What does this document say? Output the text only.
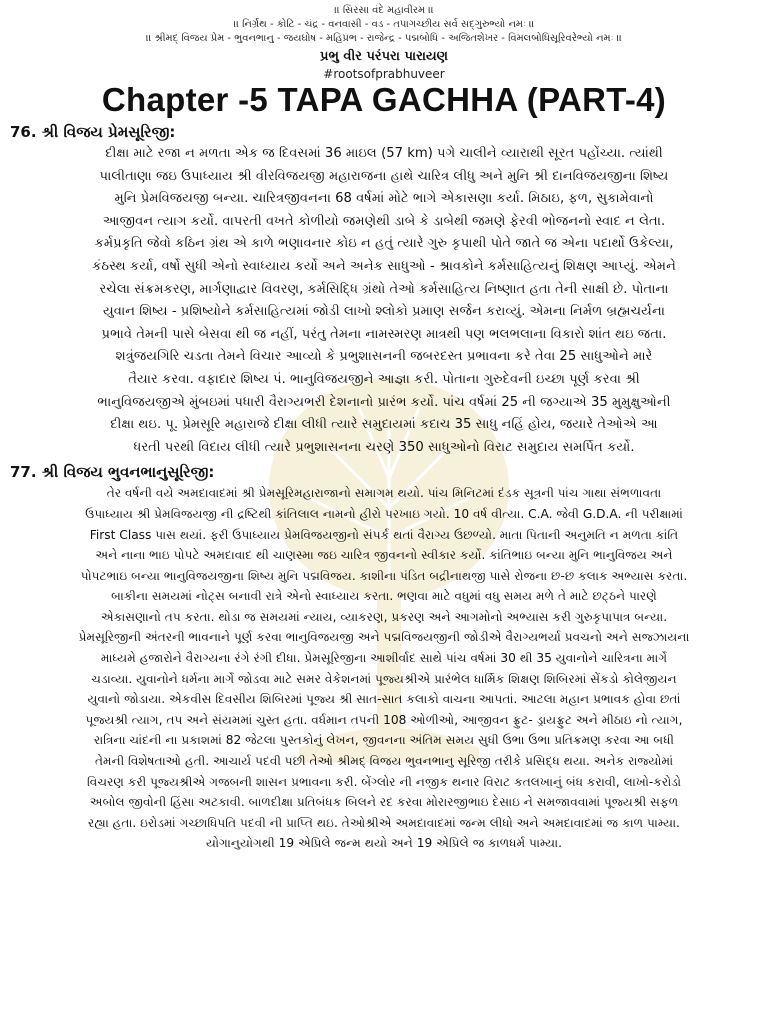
।। સિરસા વંદે મહાવીરમ ।।
।। નિર્ગ્રથ - કોટિ - ચંદ્ર - વનવાસી - વડ - તપાગચ્છીય સર્વ સદ્ગુરુભ્યો નમઃ ।।
।। શ્રીમદ્ વિજય પ્રેમ - ભુવનભાનુ - જયઘોષ - મહિપ્રભ - રાજેન્દ્ર - પદ્મબોધિ - અજિતશેખર - વિમલબોધિસૂરિવરેભ્યો નમઃ ।।
પ્રભુ વીર પરંપરા પારાયણ
#rootsofprabhuveer
Chapter -5 TAPA GACHHA (PART-4)
76. શ્રી વિજય પ્રેમસૂરિજી:

દીક્ષા માટે રજા ન મળતા એક જ દિવસમાં 36 માઇલ (57 km) પગે ચાલીને વ્યારાથી સૂરત પહોંચ્યા. ત્યાંથી
પાલીતાણા જઇ ઉપાધ્યાય શ્રી વીરવિજયજી મહારાજના હાથે ચારિત્ર લીધુ અને મુનિ શ્રી દાનવિજયજીના શિષ્ય
મુનિ પ્રેમવિજયજી બન્યા. ચારિત્રજીવનના 68 વર્ષમાં મોટે ભાગે એકાસણા કર્યા. મિઠાઇ, ફળ, સુકામેવાનો
આજીવન ત્યાગ કર્યો. વાપરતી વખતે કોળીયો જમણેથી ડાબે કે ડાબેથી જમણે ફેરવી ભોજનનો સ્વાદ ન લેતા.
કર્મપ્રકૃતિ જેવો કઠિન ગ્રંથ એ કાળે ભણાવનાર કોઇ ન હતું ત્યારે ગુરુ કૃપાથી પોતે જાતે જ એના પદાર્થો ઉકેલ્યા,
કંઠસ્થ કર્યા, વર્ષો સુધી એનો સ્વાધ્યાય કર્યો અને અનેક સાધુઓ - શ્રાવકોને કર્મસાહિત્યનું શિક્ષણ આપ્યું. એમને
રચેલા સંક્રમકરણ, માર્ગણાદ્વાર વિવરણ, કર્મસિદ્ધિ ગ્રંથો તેઓ કર્મસાહિત્ય નિષ્ણાત હતા તેની સાક્ષી છે. પોતાના
યુવાન શિષ્ય - પ્રશિષ્યોને કર્મસાહિત્યમાં જોડી લાખો શ્લોકો પ્રમાણ સર્જન કરાવ્યું. એમના નિર્મળ બ્રહ્મચર્યના
પ્રભાવે તેમની પાસે બેસવા થી જ નહીં, પરંતુ તેમના નામસ્મરણ માત્રથી પણ ભલભલાના વિકારો શાંત થઇ જતા.
શત્રુંજયગિરિ ચડતા તેમને વિચાર આવ્યો કે પ્રભુશાસનની જબરદસ્ત પ્રભાવના કરે તેવા 25 સાધુઓને મારે
તૈયાર કરવા. વફાદાર શિષ્ય પં. ભાનુવિજયજીને આજ્ઞા કરી. પોતાના ગુરુદેવની ઇચ્છા પૂર્ણ કરવા શ્રી
ભાનુવિજયજીએ મુંબઇમાં પધારી વૈરાગ્યભરી દેશનાનો પ્રારંભ કર્યો. પાંચ વર્ષમાં 25 ની જગ્યાએ 35 મુમુક્ષુઓની
દીક્ષા થઇ. પૂ. પ્રેમસૂરિ મહારાજે દીક્ષા લીધી ત્યારે સમુદાયમાં કદાચ 35 સાધુ નહિં હોય, જયારે તેઓએ આ
ધરતી પરથી વિદાય લીધી ત્યારે પ્રભુશાસનના ચરણે 350 સાધુઓનો વિરાટ સમુદાય સમર્પિત કર્યો.

77. શ્રી વિજય ભુવનભાનુસૂરિજી:

તેર વર્ષની વયે અમદાવાદમાં શ્રી પ્રેમસૂરિમહારાજાનો સમાગમ થયો. પાંચ મિનિટમાં દંડક સૂત્રની પાંચ ગાથા સંભળાવતા
ઉપાધ્યાય શ્રી પ્રેમવિજયજી ની દ્રષ્ટિથી કાંતિલાલ નામનો હીરો પરખાઇ ગયો. 10 વર્ષ વીત્યા. C.A. જેવી G.D.A. ની પરીક્ષામાં
First Class પાસ થયાં. ફરી ઉપાધ્યાય પ્રેમવિજયજીનો સંપર્ક થતાં વૈરાગ્ય ઉછળ્યો. માતા પિતાની અનુમતિ ન મળતા કાંતિ
અને નાના ભાઇ પોપટે અમદાવાદ થી ચાણસ્મા જઇ ચારિત્ર જીવનનો સ્વીકાર કર્યો. કાંતિભાઇ બન્યા મુનિ ભાનુવિજય અને
પોપટભાઇ બન્યા ભાનુવિજયજીના શિષ્ય મુનિ પદ્મવિજય. કાશીના પંડિત બદ્રીનાથજી પાસે રોજના છ-છ કલાક અભ્યાસ કરતા.
બાકીના સમયમાં નોટ્સ બનાવી રાત્રે એનો સ્વાધ્યાય કરતા. ભણવા માટે વધુમાં વધુ સમય મળે તે માટે છટ્ઠને પારણે
એકાસણાનો તપ કરતા. થોડા જ સમયમાં ન્યાય, વ્યાકરણ, પ્રકરણ અને આગમોનો અભ્યાસ કરી ગુરુકૃપાપાત્ર બન્યા.
પ્રેમસૂરિજીની અંતરની ભાવનાને પૂર્ણ કરવા ભાનુવિજયજી અને પદ્મવિજયજીની જોડીએ વૈરાગ્યભર્યા પ્રવચનો અને સજ્ઝાયના
માધ્યમે હજારોને વૈરાગ્યના રંગે રંગી દીધા. પ્રેમસૂરિજીના આશીર્વાદ સાથે પાંચ વર્ષમાં 30 થી 35 યુવાનોને ચારિત્રના માર્ગે
ચડાવ્યા. યુવાનોને ધર્મના માર્ગે જોડવા માટે સમર વેકેશનમાં પૂજ્યશ્રીએ પ્રારંભેલ ધાર્મિક શિક્ષણ શિબિરમાં સેંકડો કોલેજીયન
યુવાનો જોડાયા. એકવીસ દિવસીય શિબિરમાં પૂજ્ય શ્રી સાત-સાત કલાકો વાચના આપતાં. આટલા મહાન પ્રભાવક હોવા છતાં
પૂજ્યશ્રી ત્યાગ, તપ અને સંયમમાં ચુસ્ત હતા. વર્ધમાન તપની 108 ઓળીઓ, આજીવન ફ્રુટ- ડ્રાયફ્રુટ અને મીઠાઇ નો ત્યાગ,
રાત્રિના ચાંદની ના પ્રકાશમાં 82 જેટલા પુસ્તકોનું લેખન, જીવનના અંતિમ સમય સુધી ઉભા ઉભા પ્રતિક્રમણ કરવા આ બધી
તેમની વિશેષતાઓ હતી. આચાર્ય પદવી પછી તેઓ શ્રીમદ્ વિજય ભુવનભાનુ સૂરિજી તરીકે પ્રસિદ્ધ થયા. અનેક રાજ્યોમાં
વિચરણ કરી પૂજ્યશ્રીએ ગજબની શાસન પ્રભાવના કરી. બેંગ્લોર ની નજીક થનાર વિરાટ કતલખાનું બંધ કરાવી, લાખો-કરોડો
અબોલ જીવોની હિંસા અટકાવી. બાળદીક્ષા પ્રતિબંધક બિલને રદ કરવા મોરારજીભાઇ દેસાઇ ને સમજાવવામાં પૂજ્યશ્રી સફળ
રહ્યા હતા. ઇરોડમાં ગચ્છાધિપતિ પદવી ની પ્રાપ્તિ થઇ. તેઓશ્રીએ અમદાવાદમાં જન્મ લીધો અને અમદાવાદમાં જ કાળ પામ્યા.
યોગાનુયોગથી 19 એપ્રિલે જન્મ થયો અને 19 એપ્રિલે જ કાળધર્મ પામ્યા.
